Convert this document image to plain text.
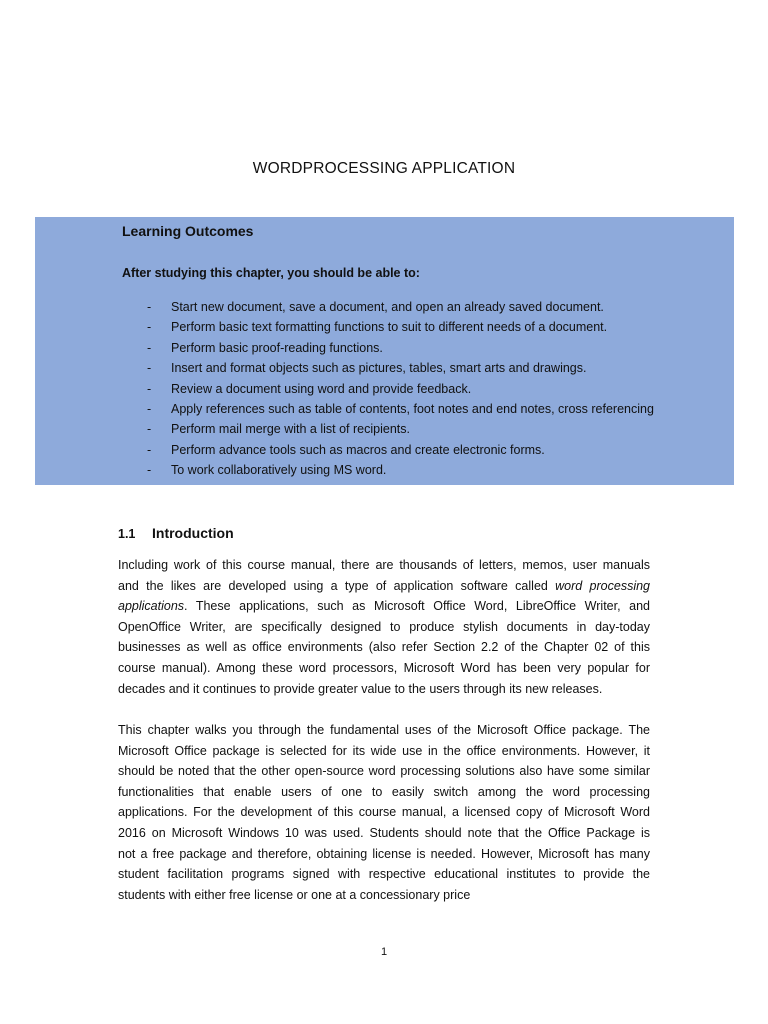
WORDPROCESSING APPLICATION
Learning Outcomes
After studying this chapter, you should be able to:
- Start new document, save a document, and open an already saved document.
- Perform basic text formatting functions to suit to different needs of a document.
- Perform basic proof-reading functions.
- Insert and format objects such as pictures, tables, smart arts and drawings.
- Review a document using word and provide feedback.
- Apply references such as table of contents, foot notes and end notes, cross referencing
- Perform mail merge with a list of recipients.
- Perform advance tools such as macros and create electronic forms.
- To work collaboratively using MS word.
1.1 Introduction
Including work of this course manual, there are thousands of letters, memos, user manuals
and the likes are developed using a type of application software called word processing
applications. These applications, such as Microsoft Office Word, LibreOffice Writer, and
OpenOffice Writer, are specifically designed to produce stylish documents in day-today
businesses as well as office environments (also refer Section 2.2 of the Chapter 02 of this
course manual). Among these word processors, Microsoft Word has been very popular for
decades and it continues to provide greater value to the users through its new releases.
This chapter walks you through the fundamental uses of the Microsoft Office package. The
Microsoft Office package is selected for its wide use in the office environments. However, it
should be noted that the other open-source word processing solutions also have some similar
functionalities that enable users of one to easily switch among the word processing
applications. For the development of this course manual, a licensed copy of Microsoft Word
2016 on Microsoft Windows 10 was used. Students should note that the Office Package is
not a free package and therefore, obtaining license is needed. However, Microsoft has many
student facilitation programs signed with respective educational institutes to provide the
students with either free license or one at a concessionary price
1
